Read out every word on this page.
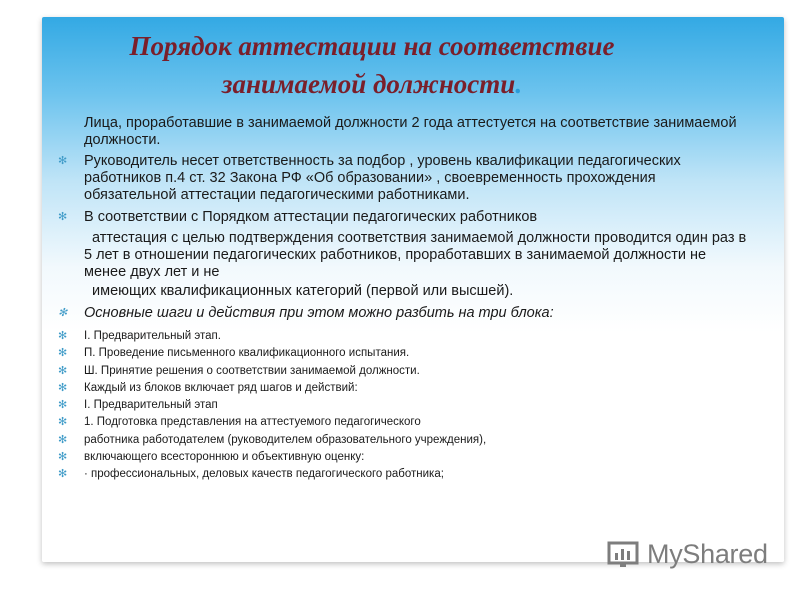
Порядок аттестации на соответствие
занимаемой должности.
Лица, проработавшие в занимаемой должности 2 года аттестуется на соответствие занимаемой должности.
✻ Руководитель несет ответственность за подбор , уровень квалификации педагогических работников п.4 ст. 32 Закона РФ «Об образовании» , своевременность прохождения обязательной аттестации педагогическими работниками.
✻ В соответствии с Порядком аттестации педагогических работников
аттестация с целью подтверждения соответствия занимаемой должности проводится один раз в 5 лет в отношении педагогических работников, проработавших в занимаемой должности не менее двух лет и не
имеющих квалификационных категорий (первой или высшей).
✻ Основные шаги и действия при этом можно разбить на три блока:
✻ I. Предварительный этап.
✻ П. Проведение письменного квалификационного испытания.
✻ Ш. Принятие решения о соответствии занимаемой должности.
✻ Каждый из блоков включает ряд шагов и действий:
✻ I. Предварительный этап
✻ 1. Подготовка представления на аттестуемого педагогического
✻ работника работодателем (руководителем образовательного учреждения),
✻ включающего всестороннюю и объективную оценку:
✻ · профессиональных, деловых качеств педагогического работника;
MyShared
